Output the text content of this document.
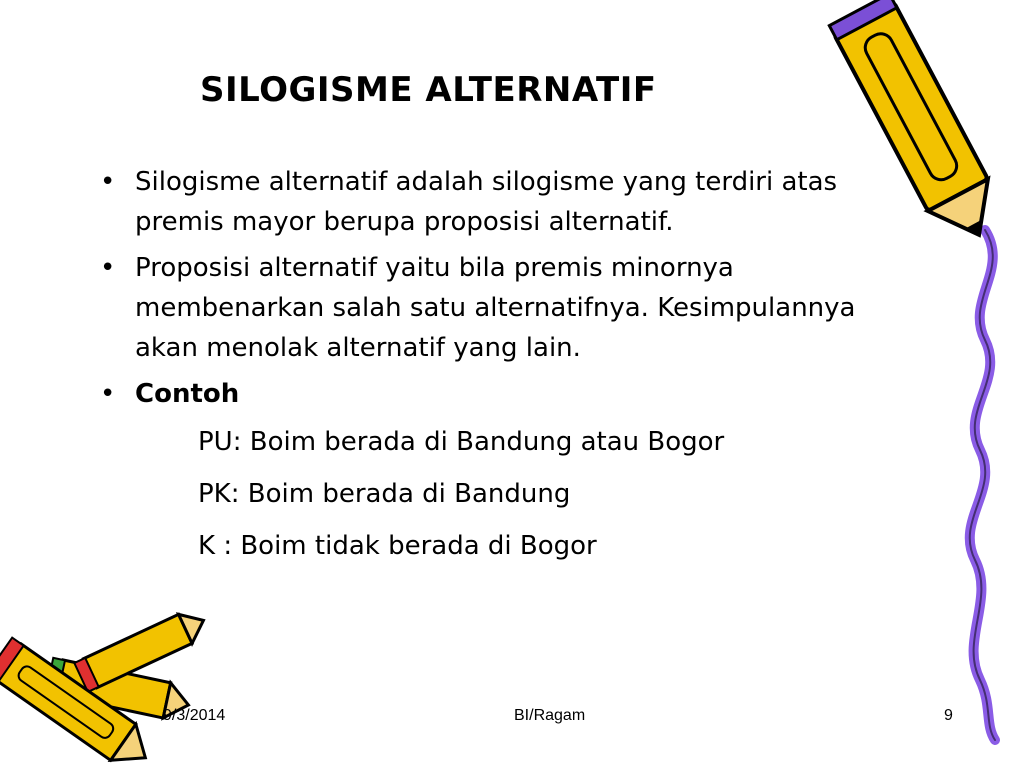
SILOGISME ALTERNATIF
• Silogisme alternatif adalah silogisme yang terdiri atas premis mayor berupa proposisi alternatif.
• Proposisi alternatif yaitu bila premis minornya membenarkan salah satu alternatifnya. Kesimpulannya akan menolak alternatif yang lain.
• Contoh
PU: Boim berada di Bandung atau Bogor
PK: Boim berada di Bandung
K : Boim tidak berada di Bogor
9/3/2014	BI/Ragam	9
